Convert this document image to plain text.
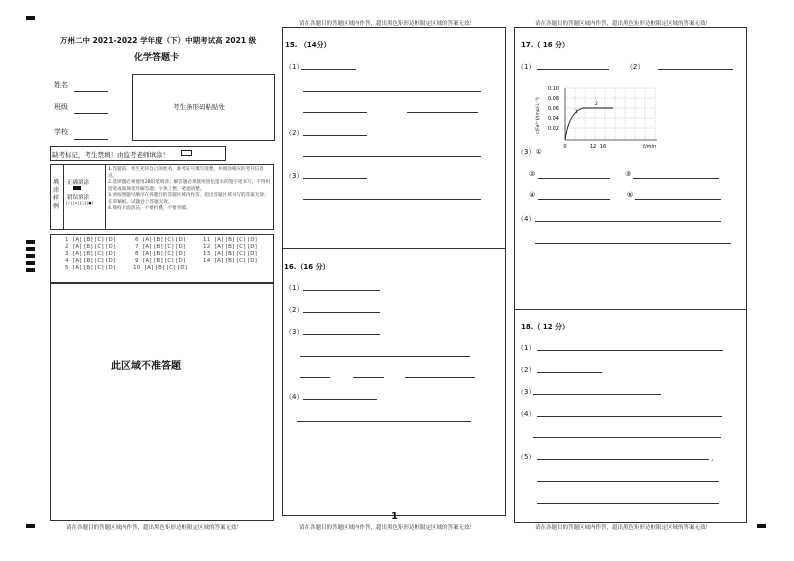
请在各题目的答题区域内作答，超出黑色矩形边框限定区域的答案无效！	请在各题目的答题区域内作答，超出黑色矩形边框限定区域的答案无效！
万州二中 2021-2022 学年度（下）中期考试高 2021 级
化学答题卡
姓名
班级
学校
考生条形码粘贴处
缺考标记，考生禁填！由监考老师填涂！
填涂样例
正确填涂
错误填涂
[✓] [×] [○] [●]
1.答题前，考生先将自己的姓名、准考证号填写清楚，并填涂相应的考号信息点。
2.选择题必须使用2B铅笔填涂；解答题必须使用黑色墨水的签字笔书写，不得用铅笔或圆珠笔作解答题；字体工整，笔迹清楚。
3.请按照题号顺序在各题目的答题区域内作答，超出答题区域书写的答案无效；在草稿纸、试题卷上答题无效。
4.保持卡面清洁，不要折叠，不要弄破。
1 [A] [B] [C] [D]
2 [A] [B] [C] [D]
3 [A] [B] [C] [D]
4 [A] [B] [C] [D]
5 [A] [B] [C] [D]
6 [A] [B] [C] [D]
7 [A] [B] [C] [D]
8 [A] [B] [C] [D]
9 [A] [B] [C] [D]
10 [A] [B] [C] [D]
11 [A] [B] [C] [D]
12 [A] [B] [C] [D]
13 [A] [B] [C] [D]
14 [A] [B] [C] [D]
此区域不准答题
请在各题目的答题区域内作答，超出黑色矩形边框限定区域的答案无效！
15. （14分）
（1）
（2）
（3）
16.（16 分）
（1）
（2）
（3）
（4）
1
请在各题目的答题区域内作答，超出黑色矩形边框限定区域的答案无效！
17.（ 16 分）
（1）	（2）
0.10
0.08
0.06
0.04
0.02
0	12 16	t/min
c(Fe²⁺)/(mol·L⁻¹)	2
1
（3）①
②	③
④	⑤
（4）
18.（ 12 分）
（1）
（2）
（3）
（4）
（5）	，
请在各题目的答题区域内作答，超出黑色矩形边框限定区域的答案无效！
